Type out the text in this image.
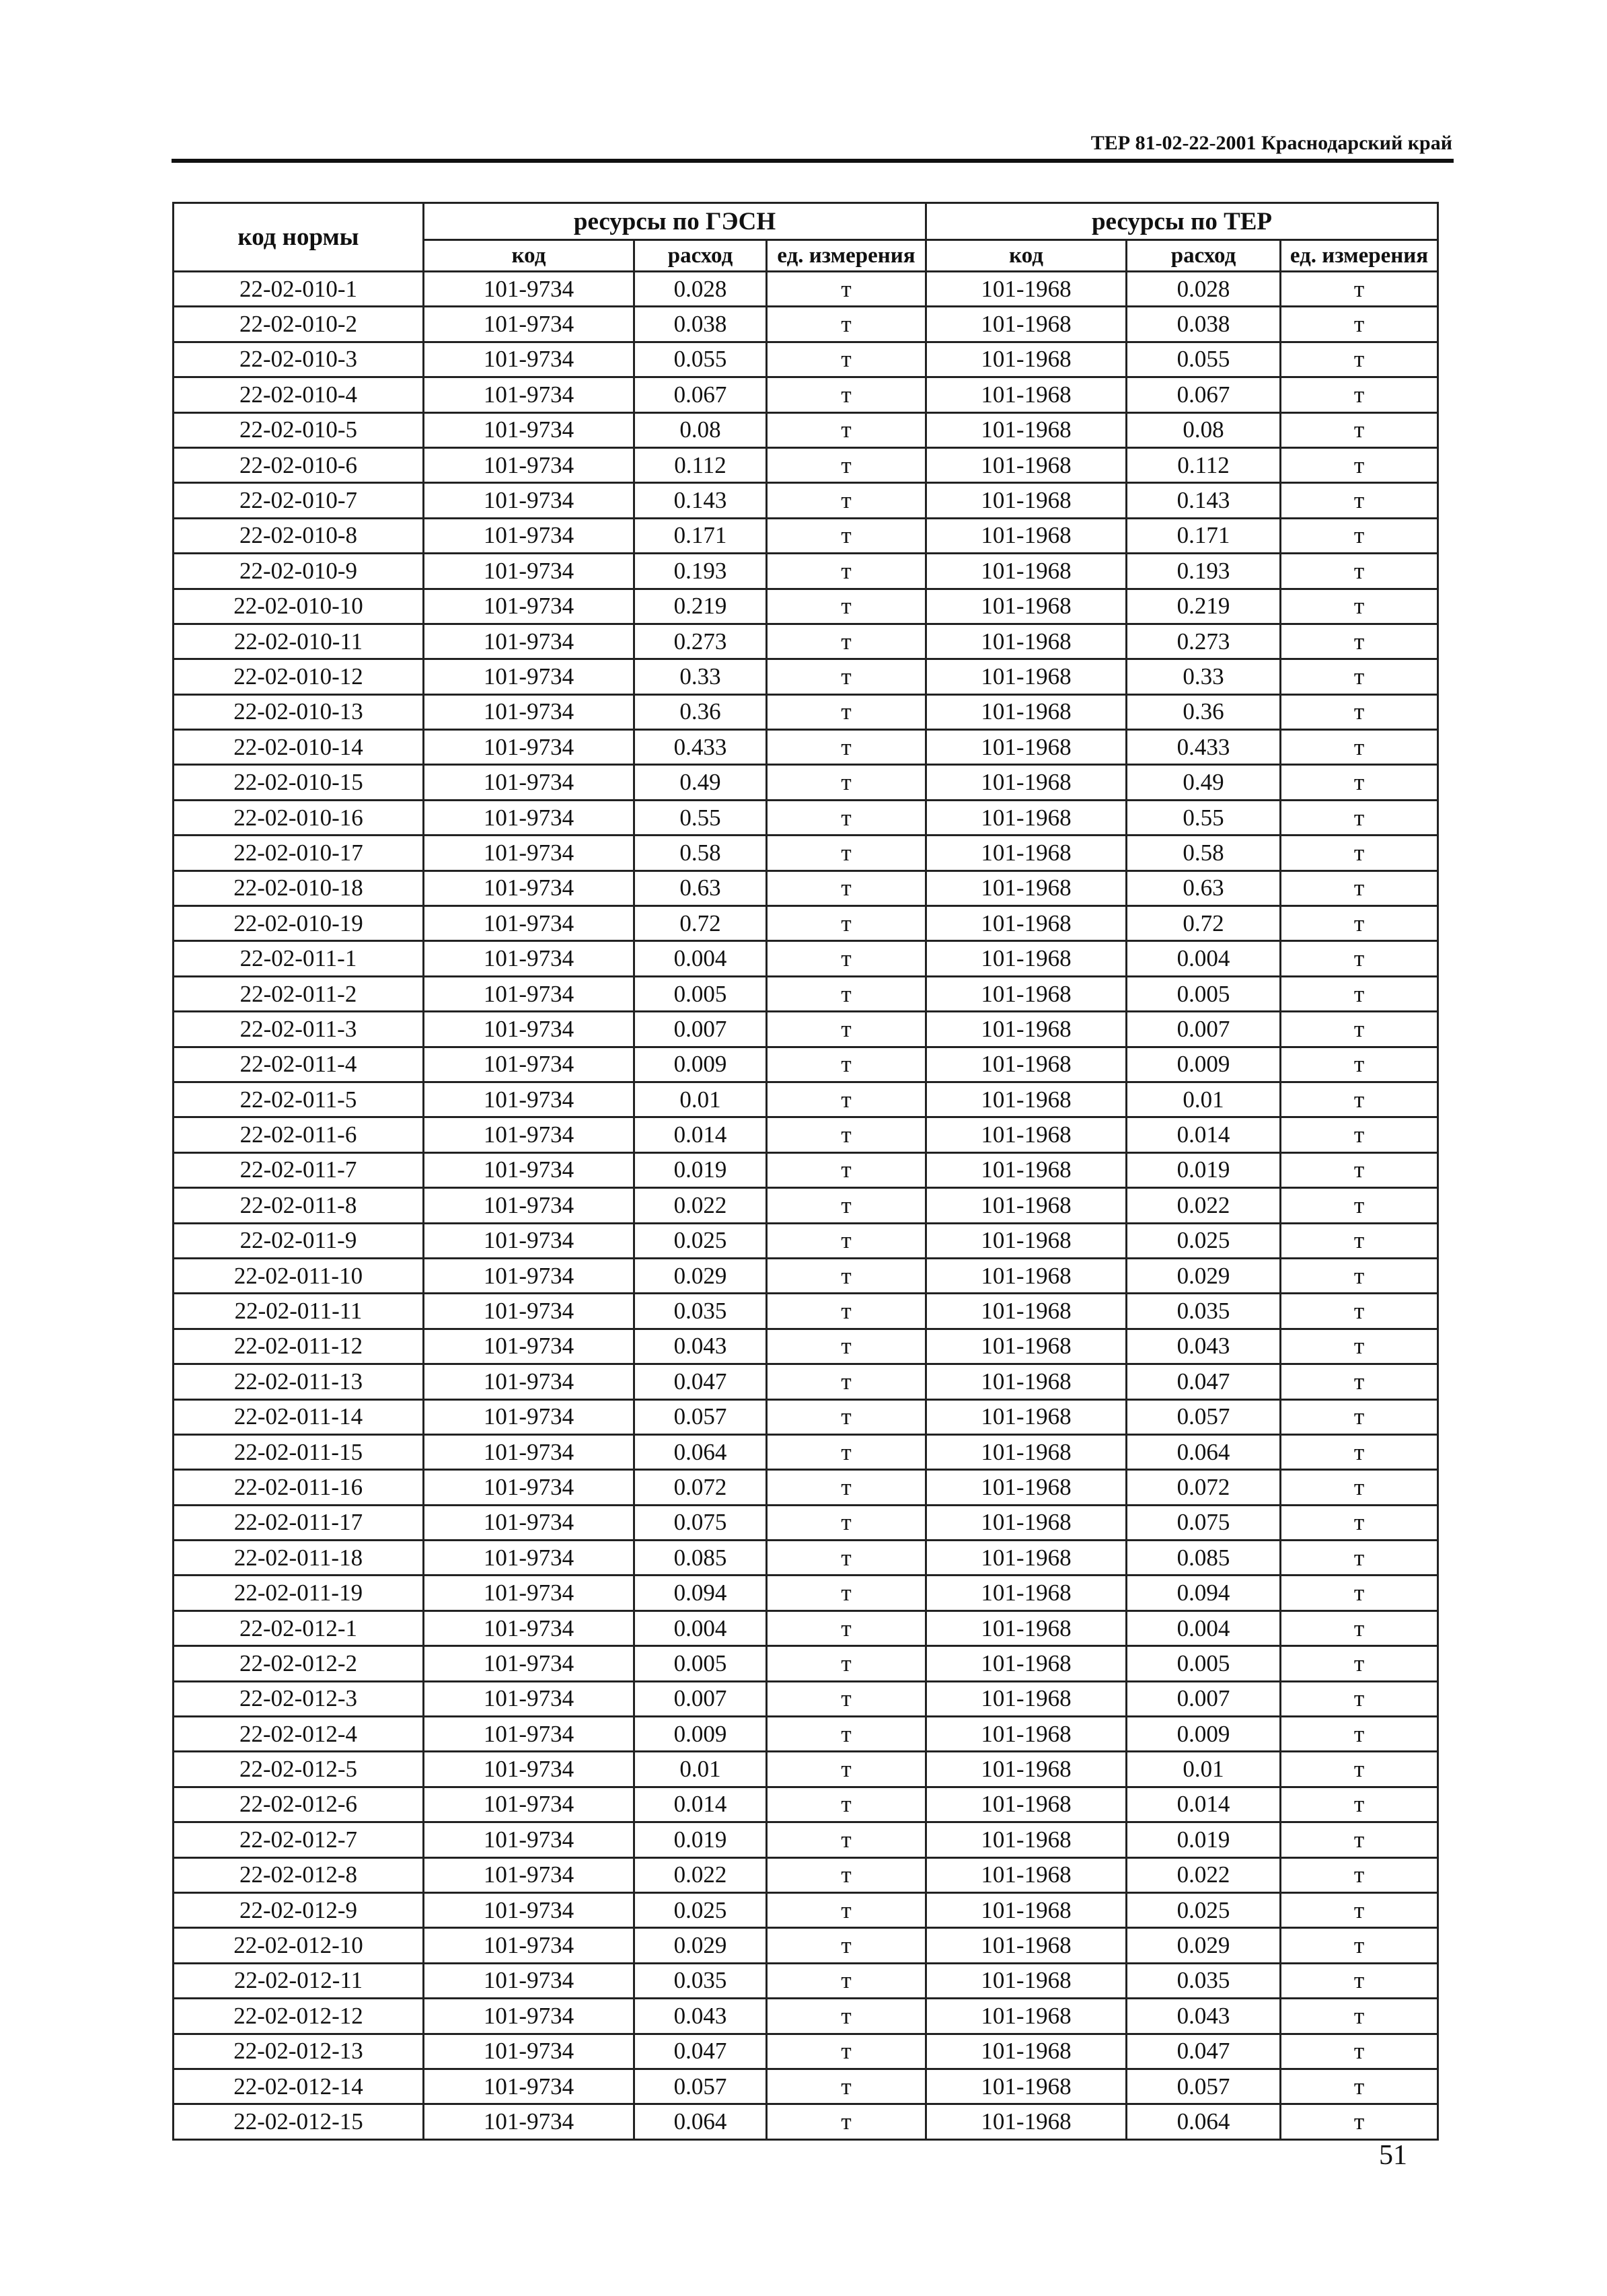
ТЕР 81-02-22-2001 Краснодарский край
код нормы	ресурсы по ГЭСН			ресурсы по ТЕР		
	код	расход	ед. измерения	код	расход	ед. измерения
22-02-010-1	101-9734	0.028	т	101-1968	0.028	т
22-02-010-2	101-9734	0.038	т	101-1968	0.038	т
22-02-010-3	101-9734	0.055	т	101-1968	0.055	т
22-02-010-4	101-9734	0.067	т	101-1968	0.067	т
22-02-010-5	101-9734	0.08	т	101-1968	0.08	т
22-02-010-6	101-9734	0.112	т	101-1968	0.112	т
22-02-010-7	101-9734	0.143	т	101-1968	0.143	т
22-02-010-8	101-9734	0.171	т	101-1968	0.171	т
22-02-010-9	101-9734	0.193	т	101-1968	0.193	т
22-02-010-10	101-9734	0.219	т	101-1968	0.219	т
22-02-010-11	101-9734	0.273	т	101-1968	0.273	т
22-02-010-12	101-9734	0.33	т	101-1968	0.33	т
22-02-010-13	101-9734	0.36	т	101-1968	0.36	т
22-02-010-14	101-9734	0.433	т	101-1968	0.433	т
22-02-010-15	101-9734	0.49	т	101-1968	0.49	т
22-02-010-16	101-9734	0.55	т	101-1968	0.55	т
22-02-010-17	101-9734	0.58	т	101-1968	0.58	т
22-02-010-18	101-9734	0.63	т	101-1968	0.63	т
22-02-010-19	101-9734	0.72	т	101-1968	0.72	т
22-02-011-1	101-9734	0.004	т	101-1968	0.004	т
22-02-011-2	101-9734	0.005	т	101-1968	0.005	т
22-02-011-3	101-9734	0.007	т	101-1968	0.007	т
22-02-011-4	101-9734	0.009	т	101-1968	0.009	т
22-02-011-5	101-9734	0.01	т	101-1968	0.01	т
22-02-011-6	101-9734	0.014	т	101-1968	0.014	т
22-02-011-7	101-9734	0.019	т	101-1968	0.019	т
22-02-011-8	101-9734	0.022	т	101-1968	0.022	т
22-02-011-9	101-9734	0.025	т	101-1968	0.025	т
22-02-011-10	101-9734	0.029	т	101-1968	0.029	т
22-02-011-11	101-9734	0.035	т	101-1968	0.035	т
22-02-011-12	101-9734	0.043	т	101-1968	0.043	т
22-02-011-13	101-9734	0.047	т	101-1968	0.047	т
22-02-011-14	101-9734	0.057	т	101-1968	0.057	т
22-02-011-15	101-9734	0.064	т	101-1968	0.064	т
22-02-011-16	101-9734	0.072	т	101-1968	0.072	т
22-02-011-17	101-9734	0.075	т	101-1968	0.075	т
22-02-011-18	101-9734	0.085	т	101-1968	0.085	т
22-02-011-19	101-9734	0.094	т	101-1968	0.094	т
22-02-012-1	101-9734	0.004	т	101-1968	0.004	т
22-02-012-2	101-9734	0.005	т	101-1968	0.005	т
22-02-012-3	101-9734	0.007	т	101-1968	0.007	т
22-02-012-4	101-9734	0.009	т	101-1968	0.009	т
22-02-012-5	101-9734	0.01	т	101-1968	0.01	т
22-02-012-6	101-9734	0.014	т	101-1968	0.014	т
22-02-012-7	101-9734	0.019	т	101-1968	0.019	т
22-02-012-8	101-9734	0.022	т	101-1968	0.022	т
22-02-012-9	101-9734	0.025	т	101-1968	0.025	т
22-02-012-10	101-9734	0.029	т	101-1968	0.029	т
22-02-012-11	101-9734	0.035	т	101-1968	0.035	т
22-02-012-12	101-9734	0.043	т	101-1968	0.043	т
22-02-012-13	101-9734	0.047	т	101-1968	0.047	т
22-02-012-14	101-9734	0.057	т	101-1968	0.057	т
22-02-012-15	101-9734	0.064	т	101-1968	0.064	т
51
